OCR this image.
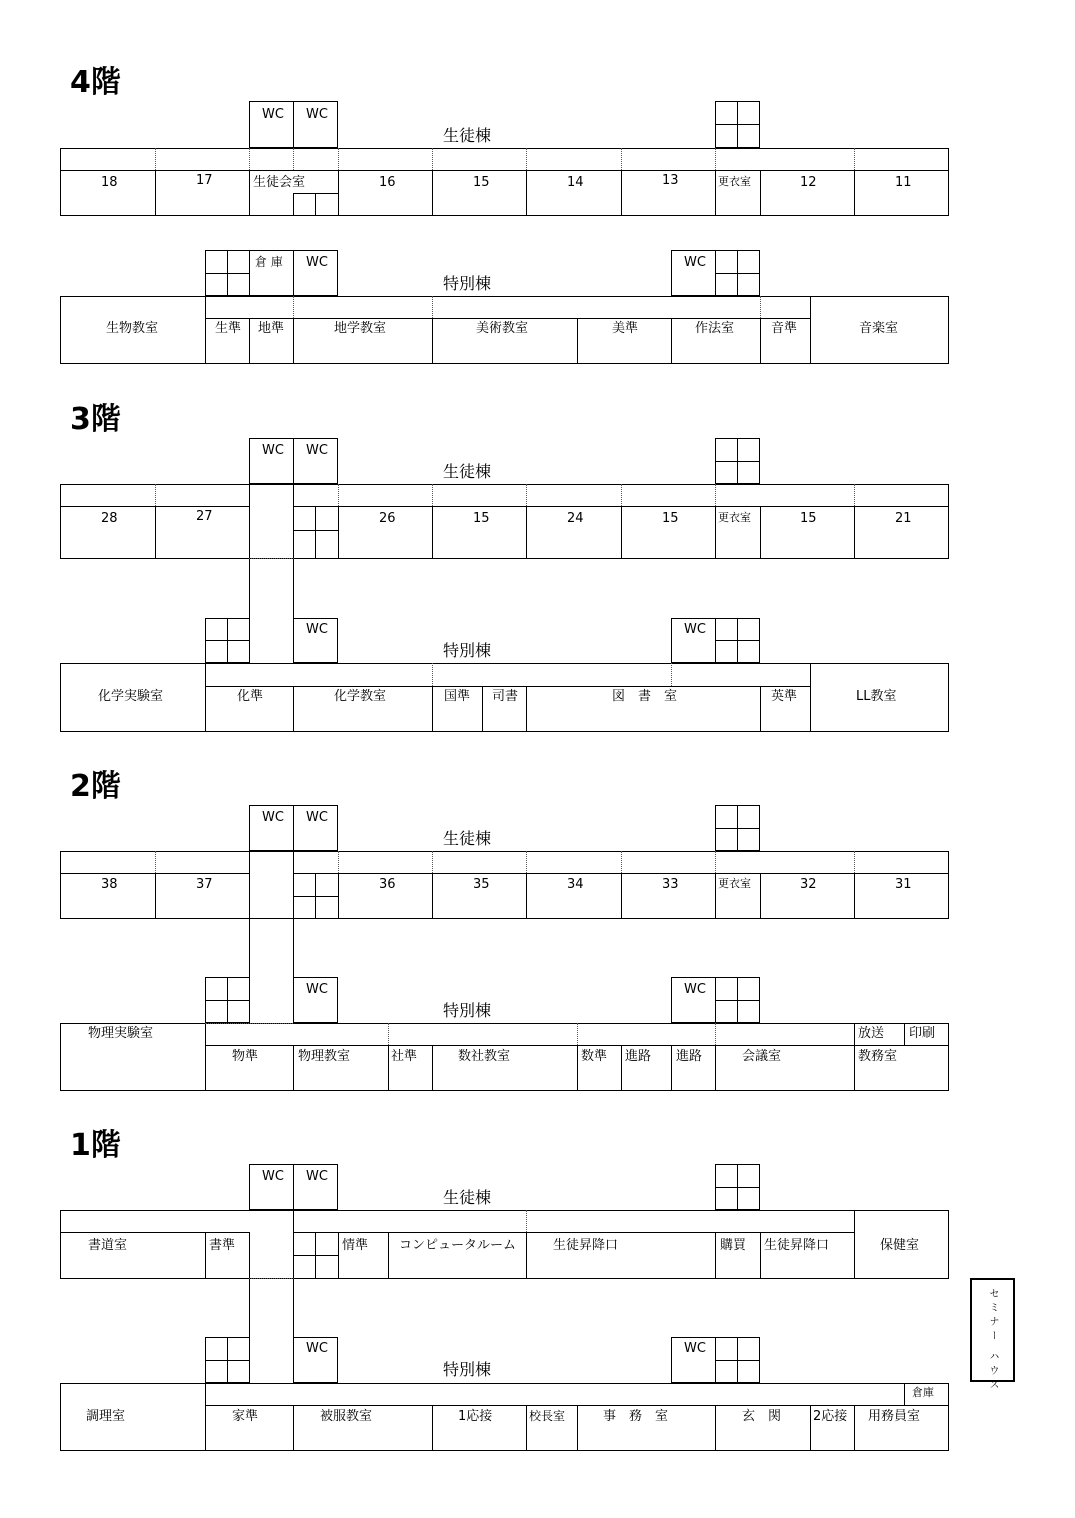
4階
WC WC
生徒棟
18	17	生徒会室	16	15	14	13	更衣室	12	11
倉 庫 WC	WC
特別棟
生物教室	生準 地準	地学教室	美術教室	美準	作法室	音準	音楽室
3階
WC WC
生徒棟
28	27	26	15	24	15	更衣室	15	21
WC	WC
特別棟
化学実験室	化準	化学教室	国準 司書	図　書　室	英準	LL教室
2階
WC WC
生徒棟
38	37	36	35	34	33	更衣室	32	31
WC	WC
特別棟
物理実験室
物準	物理教室	社準	数社教室	数準 進路 進路	会議室
放送 印刷
教務室
1階
WC WC
生徒棟
書道室	書準	情準 コンピュータルーム	生徒昇降口	購買 生徒昇降口	保健室
WC	WC
特別棟
調理室	家準	被服教室	1応接	校長室	事　務　室	玄　関 2応接 用務員室
倉庫	セミナー ハウス
